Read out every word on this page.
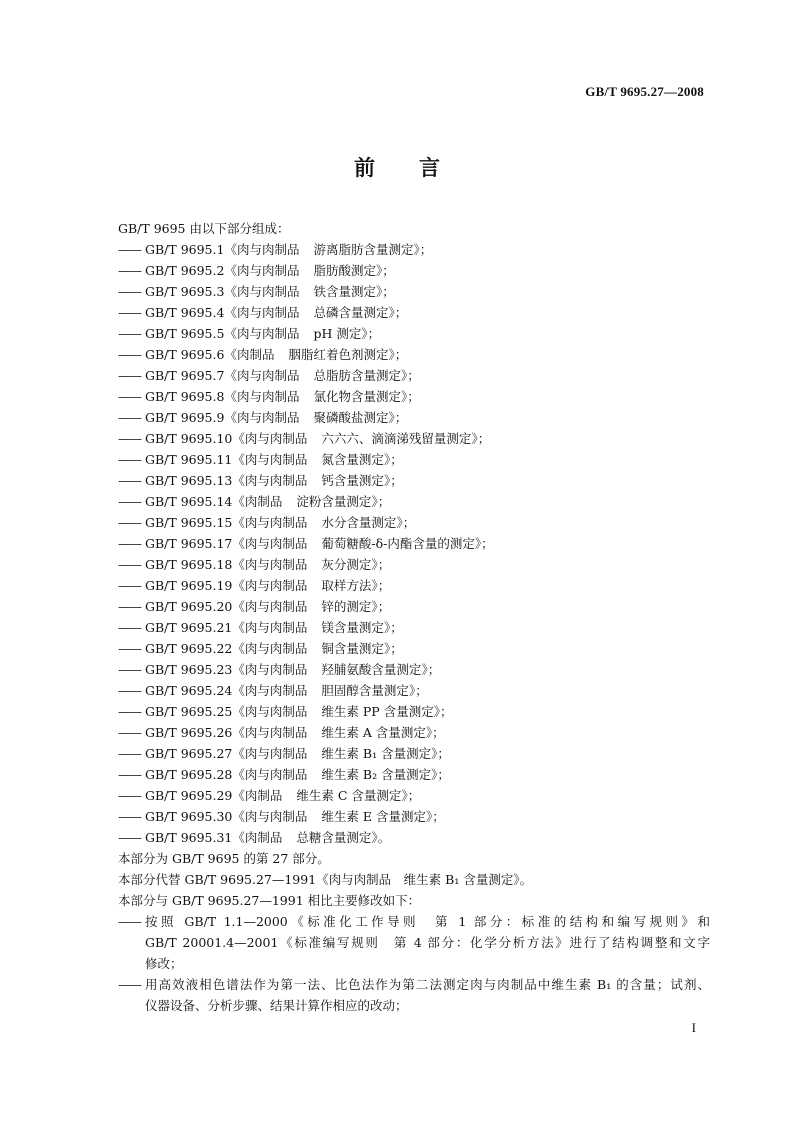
GB/T 9695.27—2008
前言
GB/T 9695 由以下部分组成：
—— GB/T 9695.1《肉与肉制品 游离脂肪含量测定》；
—— GB/T 9695.2《肉与肉制品 脂肪酸测定》；
—— GB/T 9695.3《肉与肉制品 铁含量测定》；
—— GB/T 9695.4《肉与肉制品 总磷含量测定》；
—— GB/T 9695.5《肉与肉制品 pH 测定》；
—— GB/T 9695.6《肉制品 胭脂红着色剂测定》；
—— GB/T 9695.7《肉与肉制品 总脂肪含量测定》；
—— GB/T 9695.8《肉与肉制品 氯化物含量测定》；
—— GB/T 9695.9《肉与肉制品 聚磷酸盐测定》；
—— GB/T 9695.10《肉与肉制品 六六六、滴滴涕残留量测定》；
—— GB/T 9695.11《肉与肉制品 氮含量测定》；
—— GB/T 9695.13《肉与肉制品 钙含量测定》；
—— GB/T 9695.14《肉制品 淀粉含量测定》；
—— GB/T 9695.15《肉与肉制品 水分含量测定》；
—— GB/T 9695.17《肉与肉制品 葡萄糖酸-δ-内酯含量的测定》；
—— GB/T 9695.18《肉与肉制品 灰分测定》；
—— GB/T 9695.19《肉与肉制品 取样方法》；
—— GB/T 9695.20《肉与肉制品 锌的测定》；
—— GB/T 9695.21《肉与肉制品 镁含量测定》；
—— GB/T 9695.22《肉与肉制品 铜含量测定》；
—— GB/T 9695.23《肉与肉制品 羟脯氨酸含量测定》；
—— GB/T 9695.24《肉与肉制品 胆固醇含量测定》；
—— GB/T 9695.25《肉与肉制品 维生素 PP 含量测定》；
—— GB/T 9695.26《肉与肉制品 维生素 A 含量测定》；
—— GB/T 9695.27《肉与肉制品 维生素 B₁ 含量测定》；
—— GB/T 9695.28《肉与肉制品 维生素 B₂ 含量测定》；
—— GB/T 9695.29《肉制品 维生素 C 含量测定》；
—— GB/T 9695.30《肉与肉制品 维生素 E 含量测定》；
—— GB/T 9695.31《肉制品 总糖含量测定》。
本部分为 GB/T 9695 的第 27 部分。
本部分代替 GB/T 9695.27—1991《肉与肉制品　维生素 B₁ 含量测定》。
本部分与 GB/T 9695.27—1991 相比主要修改如下：
—— 按照 GB/T 1.1—2000《标准化工作导则　第 1 部分：标准的结构和编写规则》和
GB/T 20001.4—2001《标准编写规则　第 4 部分：化学分析方法》进行了结构调整和文字
修改；
—— 用高效液相色谱法作为第一法、比色法作为第二法测定肉与肉制品中维生素 B₁ 的含量；试剂、
仪器设备、分析步骤、结果计算作相应的改动；
I
